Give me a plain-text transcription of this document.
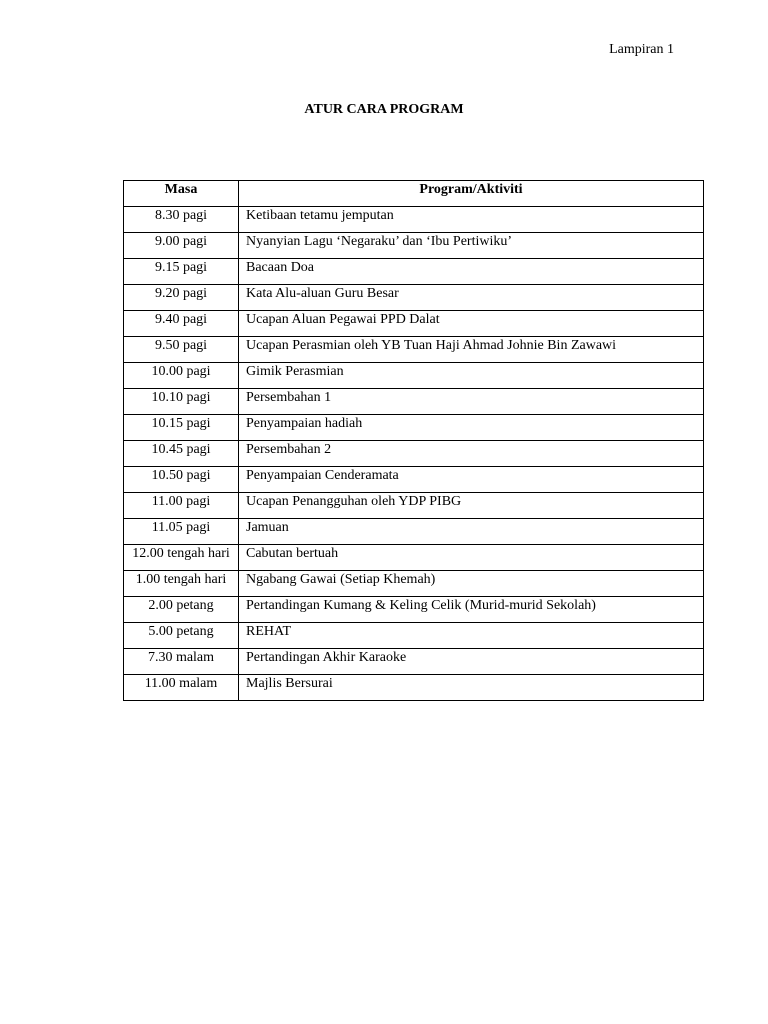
Lampiran 1
ATUR CARA PROGRAM
Masa	Program/Aktiviti
8.30 pagi	Ketibaan tetamu jemputan
9.00 pagi	Nyanyian Lagu ‘Negaraku’ dan ‘Ibu Pertiwiku’
9.15 pagi	Bacaan Doa
9.20 pagi	Kata Alu-aluan Guru Besar
9.40 pagi	Ucapan Aluan Pegawai PPD Dalat
9.50 pagi	Ucapan Perasmian oleh YB Tuan Haji Ahmad Johnie Bin Zawawi
10.00 pagi	Gimik Perasmian
10.10 pagi	Persembahan 1
10.15 pagi	Penyampaian hadiah
10.45 pagi	Persembahan 2
10.50 pagi	Penyampaian Cenderamata
11.00 pagi	Ucapan Penangguhan oleh YDP PIBG
11.05 pagi	Jamuan
12.00 tengah hari	Cabutan bertuah
1.00 tengah hari	Ngabang Gawai (Setiap Khemah)
2.00 petang	Pertandingan Kumang & Keling Celik (Murid-murid Sekolah)
5.00 petang	REHAT
7.30 malam	Pertandingan Akhir Karaoke
11.00 malam	Majlis Bersurai
